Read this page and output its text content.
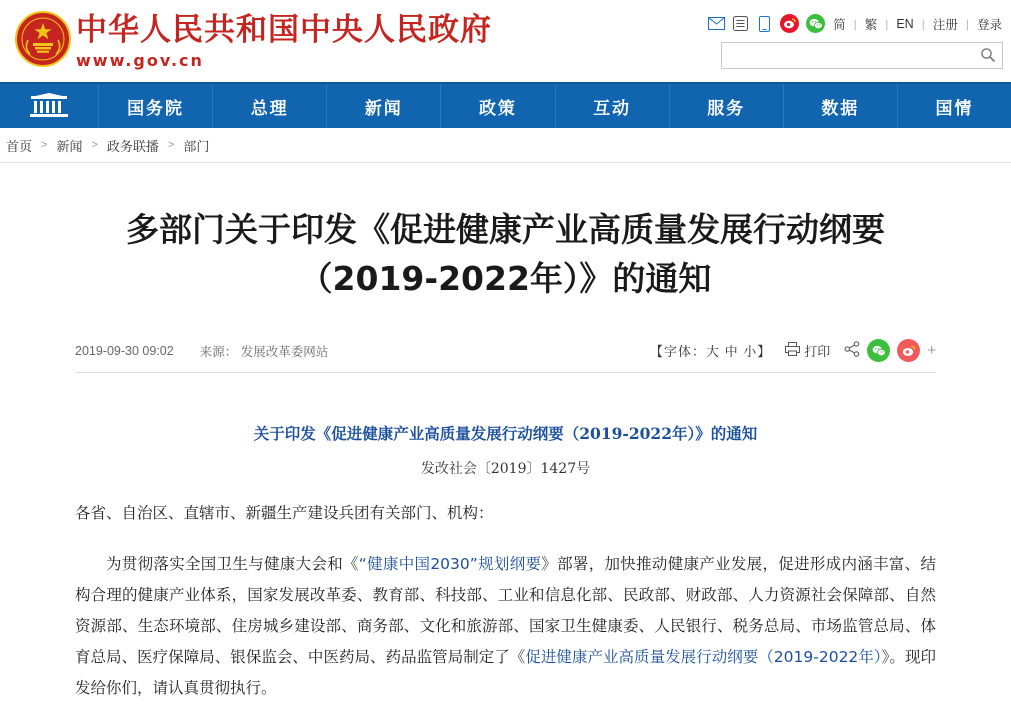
中华人民共和国中央人民政府
www.gov.cn
简 | 繁 | EN | 注册 | 登录
国务院	总理	新闻	政策	互动	服务	数据	国情
首页 > 新闻 > 政务联播 > 部门
多部门关于印发《促进健康产业高质量发展行动纲要（2019-2022年）》的通知
2019-09-30 09:02 来源： 发展改革委网站	【字体：大 中 小】	打印	+
关于印发《促进健康产业高质量发展行动纲要（2019-2022年）》的通知
发改社会〔2019〕1427号
各省、自治区、直辖市、新疆生产建设兵团有关部门、机构：
为贯彻落实全国卫生与健康大会和《“健康中国2030”规划纲要》部署，加快推动健康产业发展，促进形成内涵丰富、结构合理的健康产业体系，国家发展改革委、教育部、科技部、工业和信息化部、民政部、财政部、人力资源社会保障部、自然资源部、生态环境部、住房城乡建设部、商务部、文化和旅游部、国家卫生健康委、人民银行、税务总局、市场监管总局、体育总局、医疗保障局、银保监会、中医药局、药品监管局制定了《促进健康产业高质量发展行动纲要（2019-2022年）》。现印发给你们，请认真贯彻执行。
